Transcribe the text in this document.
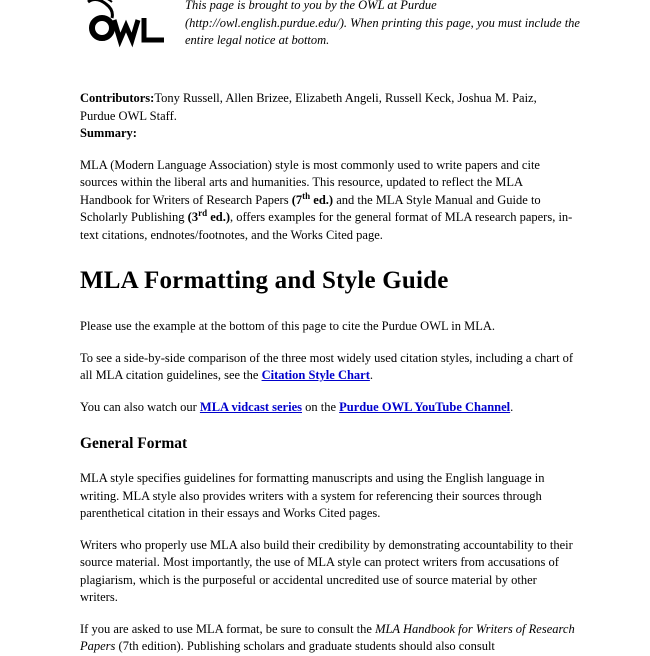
This page is brought to you by the OWL at Purdue (http://owl.english.purdue.edu/). When printing this page, you must include the entire legal notice at bottom.

Contributors:Tony Russell, Allen Brizee, Elizabeth Angeli, Russell Keck, Joshua M. Paiz, Purdue OWL Staff.

Summary:

MLA (Modern Language Association) style is most commonly used to write papers and cite sources within the liberal arts and humanities. This resource, updated to reflect the MLA Handbook for Writers of Research Papers (7th ed.) and the MLA Style Manual and Guide to Scholarly Publishing (3rd ed.), offers examples for the general format of MLA research papers, in-text citations, endnotes/footnotes, and the Works Cited page.

MLA Formatting and Style Guide

Please use the example at the bottom of this page to cite the Purdue OWL in MLA.

To see a side-by-side comparison of the three most widely used citation styles, including a chart of all MLA citation guidelines, see the Citation Style Chart.

You can also watch our MLA vidcast series on the Purdue OWL YouTube Channel.

General Format

MLA style specifies guidelines for formatting manuscripts and using the English language in writing. MLA style also provides writers with a system for referencing their sources through parenthetical citation in their essays and Works Cited pages.

Writers who properly use MLA also build their credibility by demonstrating accountability to their source material. Most importantly, the use of MLA style can protect writers from accusations of plagiarism, which is the purposeful or accidental uncredited use of source material by other writers.

If you are asked to use MLA format, be sure to consult the MLA Handbook for Writers of Research Papers (7th edition). Publishing scholars and graduate students should also consult
